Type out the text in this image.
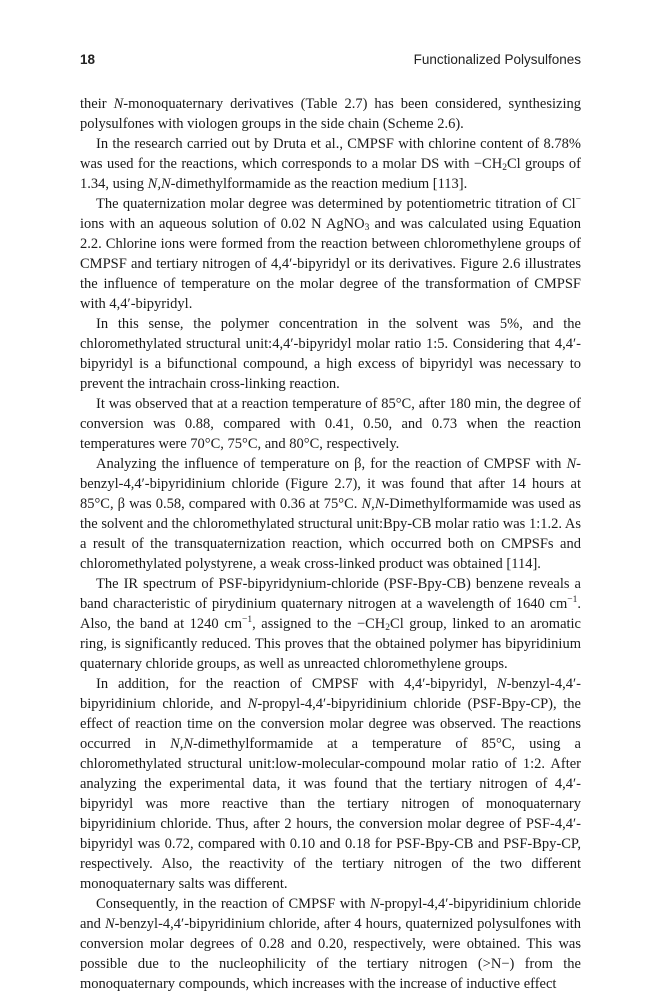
18	Functionalized Polysulfones

their N-monoquaternary derivatives (Table 2.7) has been considered, synthesizing polysulfones with viologen groups in the side chain (Scheme 2.6).

In the research carried out by Druta et al., CMPSF with chlorine content of 8.78% was used for the reactions, which corresponds to a molar DS with $-CH_2Cl$ groups of 1.34, using N,N-dimethylformamide as the reaction medium [113].

The quaternization molar degree was determined by potentiometric titration of Cl− ions with an aqueous solution of 0.02 N AgNO$_3$ and was calculated using Equation 2.2. Chlorine ions were formed from the reaction between chloromethylene groups of CMPSF and tertiary nitrogen of 4,4′-bipyridyl or its derivatives. Figure 2.6 illustrates the influence of temperature on the molar degree of the transformation of CMPSF with 4,4′-bipyridyl.

In this sense, the polymer concentration in the solvent was 5%, and the chloromethylated structural unit:4,4′-bipyridyl molar ratio 1:5. Considering that 4,4′-bipyridyl is a bifunctional compound, a high excess of bipyridyl was necessary to prevent the intrachain cross-linking reaction.

It was observed that at a reaction temperature of 85°C, after 180 min, the degree of conversion was 0.88, compared with 0.41, 0.50, and 0.73 when the reaction temperatures were 70°C, 75°C, and 80°C, respectively.

Analyzing the influence of temperature on β, for the reaction of CMPSF with N-benzyl-4,4′-bipyridinium chloride (Figure 2.7), it was found that after 14 hours at 85°C, β was 0.58, compared with 0.36 at 75°C. N,N-Dimethylformamide was used as the solvent and the chloromethylated structural unit:Bpy-CB molar ratio was 1:1.2. As a result of the transquaternization reaction, which occurred both on CMPSFs and chloromethylated polystyrene, a weak cross-linked product was obtained [114].

The IR spectrum of PSF-bipyridynium-chloride (PSF-Bpy-CB) benzene reveals a band characteristic of pirydinium quaternary nitrogen at a wavelength of 1640 $cm^{-1}$. Also, the band at 1240 $cm^{-1}$, assigned to the $-CH_2Cl$ group, linked to an aromatic ring, is significantly reduced. This proves that the obtained polymer has bipyridinium quaternary chloride groups, as well as unreacted chloromethylene groups.

In addition, for the reaction of CMPSF with 4,4′-bipyridyl, N-benzyl-4,4′-bipyridinium chloride, and N-propyl-4,4′-bipyridinium chloride (PSF-Bpy-CP), the effect of reaction time on the conversion molar degree was observed. The reactions occurred in N,N-dimethylformamide at a temperature of 85°C, using a chloromethylated structural unit:low-molecular-compound molar ratio of 1:2. After analyzing the experimental data, it was found that the tertiary nitrogen of 4,4′-bipyridyl was more reactive than the tertiary nitrogen of monoquaternary bipyridinium chloride. Thus, after 2 hours, the conversion molar degree of PSF-4,4′-bipyridyl was 0.72, compared with 0.10 and 0.18 for PSF-Bpy-CB and PSF-Bpy-CP, respectively. Also, the reactivity of the tertiary nitrogen of the two different monoquaternary salts was different.

Consequently, in the reaction of CMPSF with N-propyl-4,4′-bipyridinium chloride and N-benzyl-4,4′-bipyridinium chloride, after 4 hours, quaternized polysulfones with conversion molar degrees of 0.28 and 0.20, respectively, were obtained. This was possible due to the nucleophilicity of the tertiary nitrogen (>N−) from the monoquaternary compounds, which increases with the increase of inductive effect
